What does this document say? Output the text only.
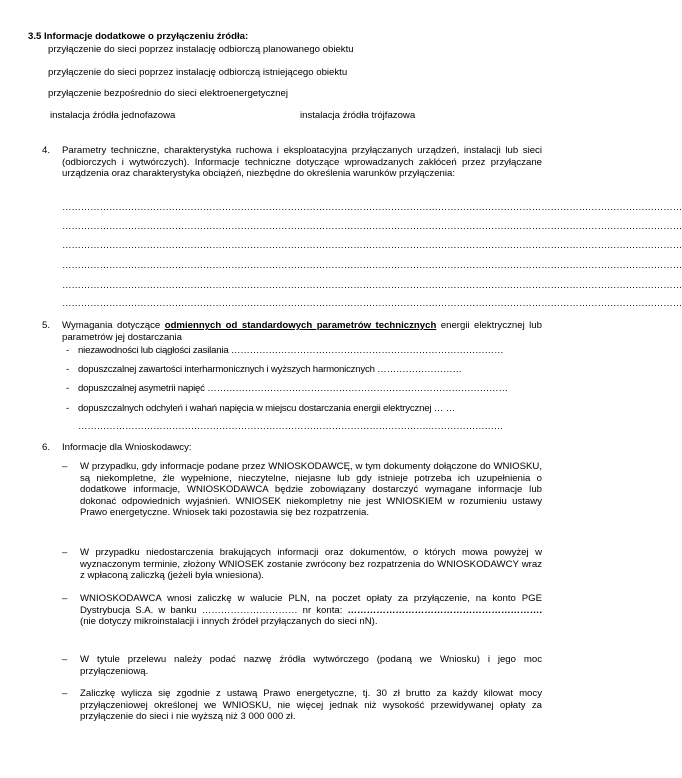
3.5 Informacje dodatkowe o przyłączeniu źródła:
przyłączenie do sieci poprzez instalację odbiorczą planowanego obiektu
przyłączenie do sieci poprzez instalację odbiorczą istniejącego obiektu
przyłączenie bezpośrednio do sieci elektroenergetycznej
instalacja źródła jednofazowa	instalacja źródła trójfazowa
4. Parametry techniczne, charakterystyka ruchowa i eksploatacyjna przyłączanych urządzeń, instalacji lub sieci (odbiorczych i wytwórczych). Informacje techniczne dotyczące wprowadzanych zakłóceń przez przyłączane urządzenia oraz charakterystyka obciążeń, niezbędne do określenia warunków przyłączenia:
………………………………………………………………………………………………………………………………………………………………………………
………………………………………………………………………………………………………………………………………………………………………………
………………………………………………………………………………………………………………………………………………………………………………
………………………………………………………………………………………………………………………………………………………………………………
………………………………………………………………………………………………………………………………………………………………………………
………………………………………………………………………………………………………………………………………………………………………………
5. Wymagania dotyczące odmiennych od standardowych parametrów technicznych energii elektrycznej lub parametrów jej dostarczania
- niezawodności lub ciągłości zasilania ……………………………………………………………………………
- dopuszczalnej zawartości interharmonicznych i wyższych harmonicznych ………………………
- dopuszczalnej asymetrii napięć ……………………………………………………………………………………
- dopuszczalnych odchyleń i wahań napięcia w miejscu dostarczania energii elektrycznej … …
………………………………………………………………………………………………….……………………
6. Informacje dla Wnioskodawcy:
– W przypadku, gdy informacje podane przez WNIOSKODAWCĘ, w tym dokumenty dołączone do WNIOSKU, są niekompletne, źle wypełnione, nieczytelne, niejasne lub gdy istnieje potrzeba ich uzupełnienia o dodatkowe informacje, WNIOSKODAWCA będzie zobowiązany dostarczyć wymagane informacje lub dokonać odpowiednich wyjaśnień. WNIOSEK niekompletny nie jest WNIOSKIEM w rozumieniu ustawy Prawo energetyczne. Wniosek taki pozostawia się bez rozpatrzenia.
– W przypadku niedostarczenia brakujących informacji oraz dokumentów, o których mowa powyżej w wyznaczonym terminie, złożony WNIOSEK zostanie zwrócony bez rozpatrzenia do WNIOSKODAWCY wraz z wpłaconą zaliczką (jeżeli była wniesiona).
– WNIOSKODAWCA wnosi zaliczkę w walucie PLN, na poczet opłaty za przyłączenie, na konto PGE Dystrybucja S.A. w banku ………………………… nr konta: ……………………………………………………. (nie dotyczy mikroinstalacji i innych źródeł przyłączanych do sieci nN).
– W tytule przelewu należy podać nazwę źródła wytwórczego (podaną we Wniosku) i jego moc przyłączeniową.
– Zaliczkę wylicza się zgodnie z ustawą Prawo energetyczne, tj. 30 zł brutto za każdy kilowat mocy przyłączeniowej określonej we WNIOSKU, nie więcej jednak niż wysokość przewidywanej opłaty za przyłączenie do sieci i nie wyższą niż 3 000 000 zł.
